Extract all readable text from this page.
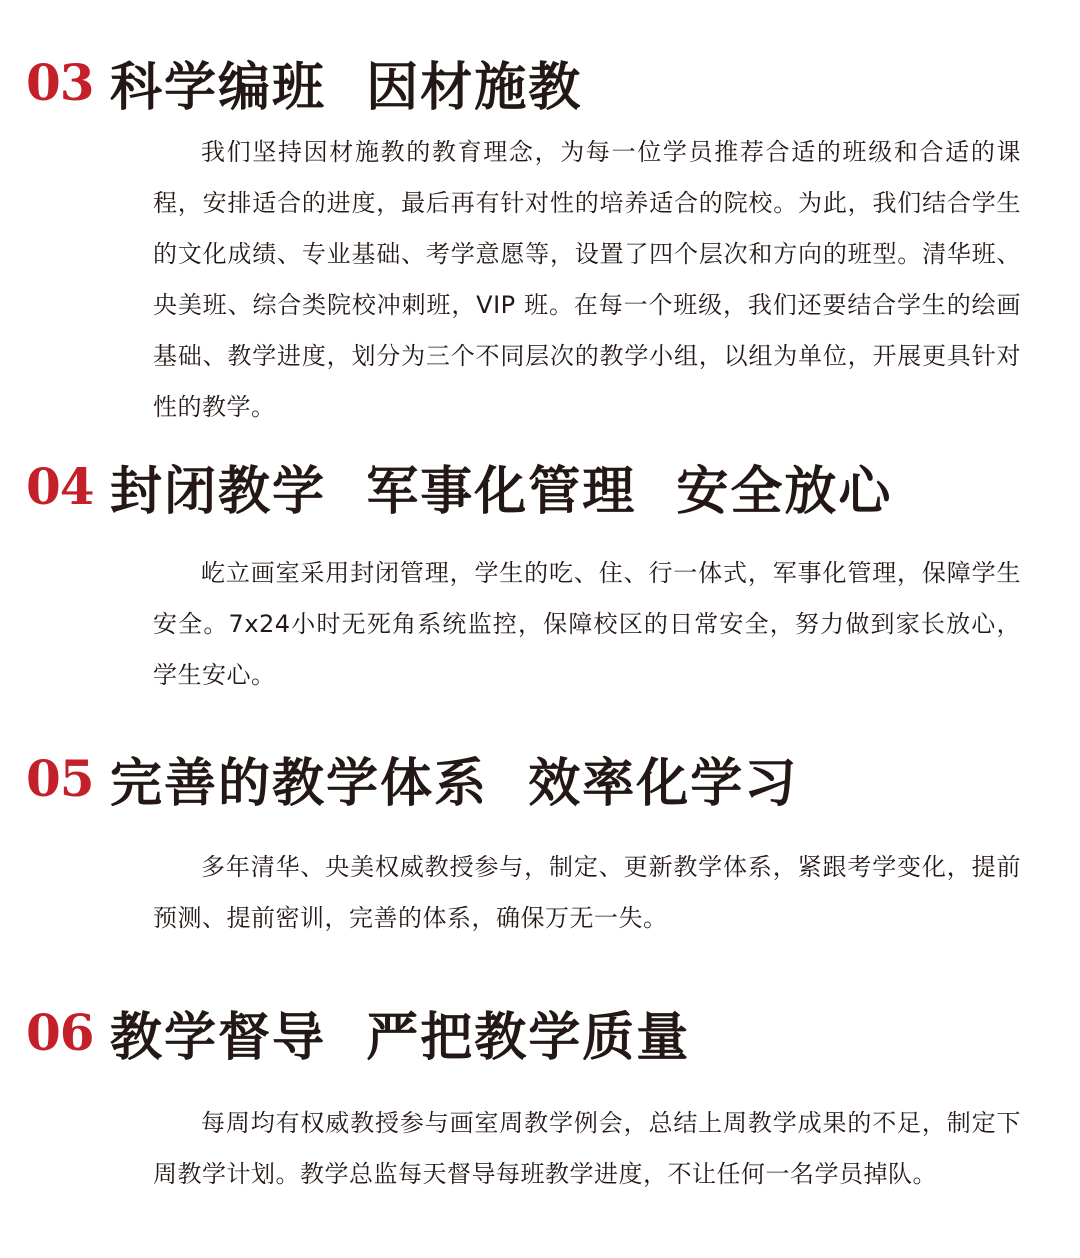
03 科学编班  因材施教

我们坚持因材施教的教育理念，为每一位学员推荐合适的班级和合适的课程，安排适合的进度，最后再有针对性的培养适合的院校。为此，我们结合学生的文化成绩、专业基础、考学意愿等，设置了四个层次和方向的班型。清华班、央美班、综合类院校冲刺班，VIP 班。在每一个班级，我们还要结合学生的绘画基础、教学进度，划分为三个不同层次的教学小组，以组为单位，开展更具针对性的教学。

04 封闭教学  军事化管理  安全放心

屹立画室采用封闭管理，学生的吃、住、行一体式，军事化管理，保障学生安全。7x24小时无死角系统监控，保障校区的日常安全，努力做到家长放心，学生安心。

05 完善的教学体系  效率化学习

多年清华、央美权威教授参与，制定、更新教学体系，紧跟考学变化，提前预测、提前密训，完善的体系，确保万无一失。

06 教学督导  严把教学质量

每周均有权威教授参与画室周教学例会，总结上周教学成果的不足，制定下周教学计划。教学总监每天督导每班教学进度，不让任何一名学员掉队。
